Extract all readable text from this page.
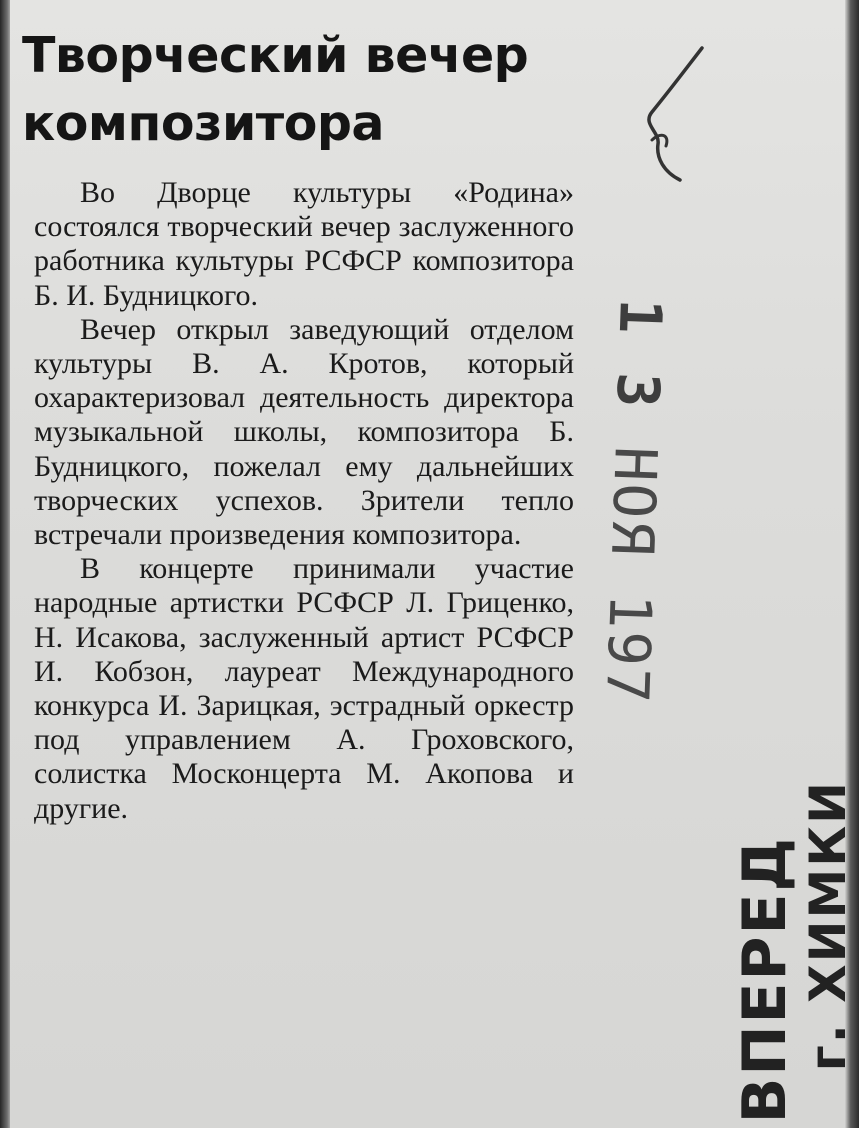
Творческий вечер композитора

Во Дворце культуры «Родина» состоялся творческий вечер заслуженного работника культуры РСФСР композитора Б. И. Будницкого.

Вечер открыл заведующий отделом культуры В. А. Кротов, который охарактеризовал деятельность директора музыкальной школы, композитора Б. Будницкого, пожелал ему дальнейших творческих успехов. Зрители тепло встречали произведения композитора.

В концерте принимали участие народные артистки РСФСР Л. Гриценко, Н. Исакова, заслуженный артист РСФСР И. Кобзон, лауреат Международного конкурса И. Зарицкая, эстрадный оркестр под управлением А. Гроховского, солистка Москонцерта М. Акопова и другие.

1 3 НОЯ 197
ВПЕРЕД г. ХИМКИ
